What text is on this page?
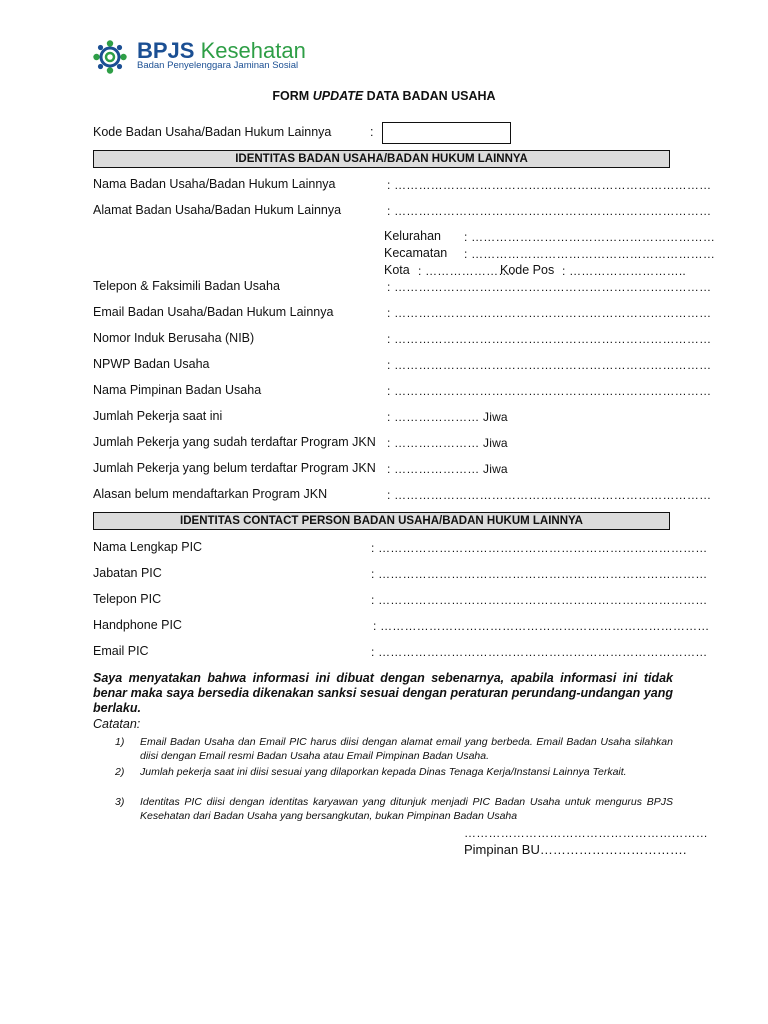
BPJS Kesehatan
Badan Penyelenggara Jaminan Sosial
FORM UPDATE DATA BADAN USAHA
Kode Badan Usaha/Badan Hukum Lainnya	:
IDENTITAS BADAN USAHA/BADAN HUKUM LAINNYA
Nama Badan Usaha/Badan Hukum Lainnya	: ……………………………………………………………………
Alamat Badan Usaha/Badan Hukum Lainnya	: ……………………………………………………………………
Kelurahan : ……………………………………………………
Kecamatan : ……………………………………………………
Kota : ………………….
Kode Pos : ………………………..
Telepon & Faksimili Badan Usaha	: ……………………………………………………………………
Email Badan Usaha/Badan Hukum Lainnya	: ……………………………………………………………………
Nomor Induk Berusaha (NIB)	: ……………………………………………………………………
NPWP Badan Usaha	: ……………………………………………………………………
Nama Pimpinan Badan Usaha	: ……………………………………………………………………
Jumlah Pekerja saat ini	: ………………… Jiwa
Jumlah Pekerja yang sudah terdaftar Program JKN : ………………… Jiwa
Jumlah Pekerja yang belum terdaftar Program JKN : ………………… Jiwa
Alasan belum mendaftarkan Program JKN	: ……………………………………………………………………
IDENTITAS CONTACT PERSON BADAN USAHA/BADAN HUKUM LAINNYA
Nama Lengkap PIC	: ………………………………………………………………………
Jabatan PIC	: ………………………………………………………………………
Telepon PIC	: ………………………………………………………………………
Handphone PIC	: ………………………………………………………………………
Email PIC	: ………………………………………………………………………
Saya menyatakan bahwa informasi ini dibuat dengan sebenarnya, apabila informasi ini tidak benar maka saya bersedia dikenakan sanksi sesuai dengan peraturan perundang-undangan yang berlaku.
Catatan:
1) Email Badan Usaha dan Email PIC harus diisi dengan alamat email yang berbeda. Email Badan Usaha silahkan diisi dengan Email resmi Badan Usaha atau Email Pimpinan Badan Usaha.
2) Jumlah pekerja saat ini diisi sesuai yang dilaporkan kepada Dinas Tenaga Kerja/Instansi Lainnya Terkait.
3) Identitas PIC diisi dengan identitas karyawan yang ditunjuk menjadi PIC Badan Usaha untuk mengurus BPJS Kesehatan dari Badan Usaha yang bersangkutan, bukan Pimpinan Badan Usaha
……………………………………………………
Pimpinan BU…………………………….
